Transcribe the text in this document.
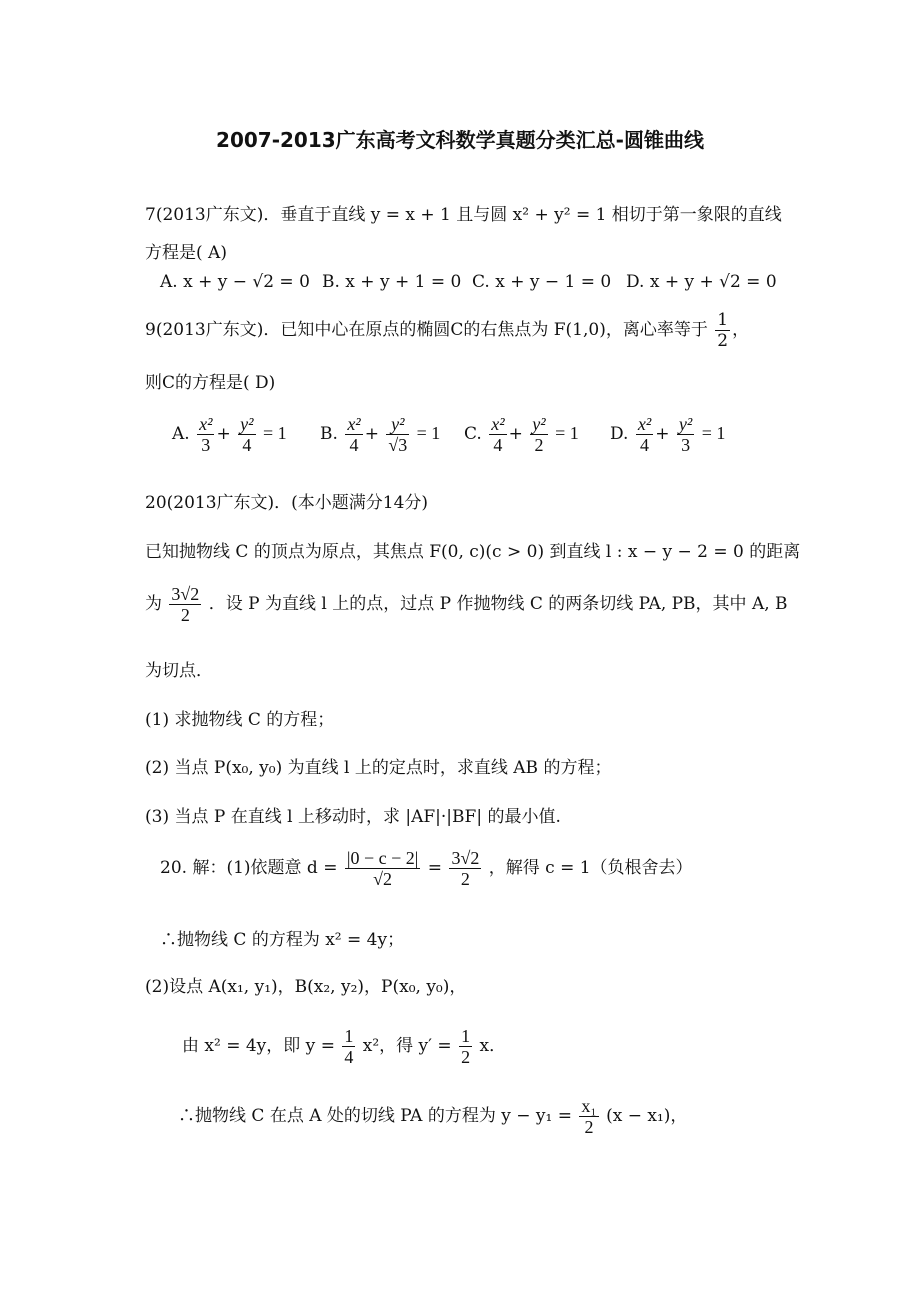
2007-2013广东高考文科数学真题分类汇总-圆锥曲线
7(2013广东文)．垂直于直线 y = x + 1 且与圆 x² + y² = 1 相切于第一象限的直线
方程是( A)
A. x + y − √2 = 0 B. x + y + 1 = 0 C. x + y − 1 = 0 D. x + y + √2 = 0
9(2013广东文)．已知中心在原点的椭圆C的右焦点为 F(1,0)，离心率等于 $\frac{1}{2}$ ，
则C的方程是( D)
A. $\frac{\text{x²}}{3} + \frac{\text{y²}}{4} = 1$ B. $\frac{\text{x²}}{4} + \frac{\text{y²}}{√3} = 1$ C. $\frac{\text{x²}}{4} + \frac{\text{y²}}{2} = 1$ D. $\frac{\text{x²}}{4} + \frac{\text{y²}}{3} = 1$
20(2013广东文)．(本小题满分14分)
已知抛物线 C 的顶点为原点，其焦点 F(0, c)(c > 0) 到直线 l : x − y − 2 = 0 的距离
为 $\frac{3√2}{2}$ ．设 P 为直线 l 上的点，过点 P 作抛物线 C 的两条切线 PA, PB，其中 A, B
为切点．
(1) 求抛物线 C 的方程；
(2) 当点 P(x₀, y₀) 为直线 l 上的定点时，求直线 AB 的方程；
(3) 当点 P 在直线 l 上移动时，求 |AF|·|BF| 的最小值.
20. 解：(1)依题意 $d = \frac{|0 - c - 2|}{√2} = \frac{3√2}{2}$ ，解得 c = 1（负根舍去）
∴抛物线 C 的方程为 x² = 4y；
(2)设点 A(x₁, y₁)，B(x₂, y₂)，P(x₀, y₀)，
由 x² = 4y，即 $y = \frac{1}{4} x^2$，得 $y' = \frac{1}{2}$ x．
∴抛物线 C 在点 A 处的切线 PA 的方程为 $y - y_1 = \frac{\text{x₁}}{2} (x - x_1)$，
